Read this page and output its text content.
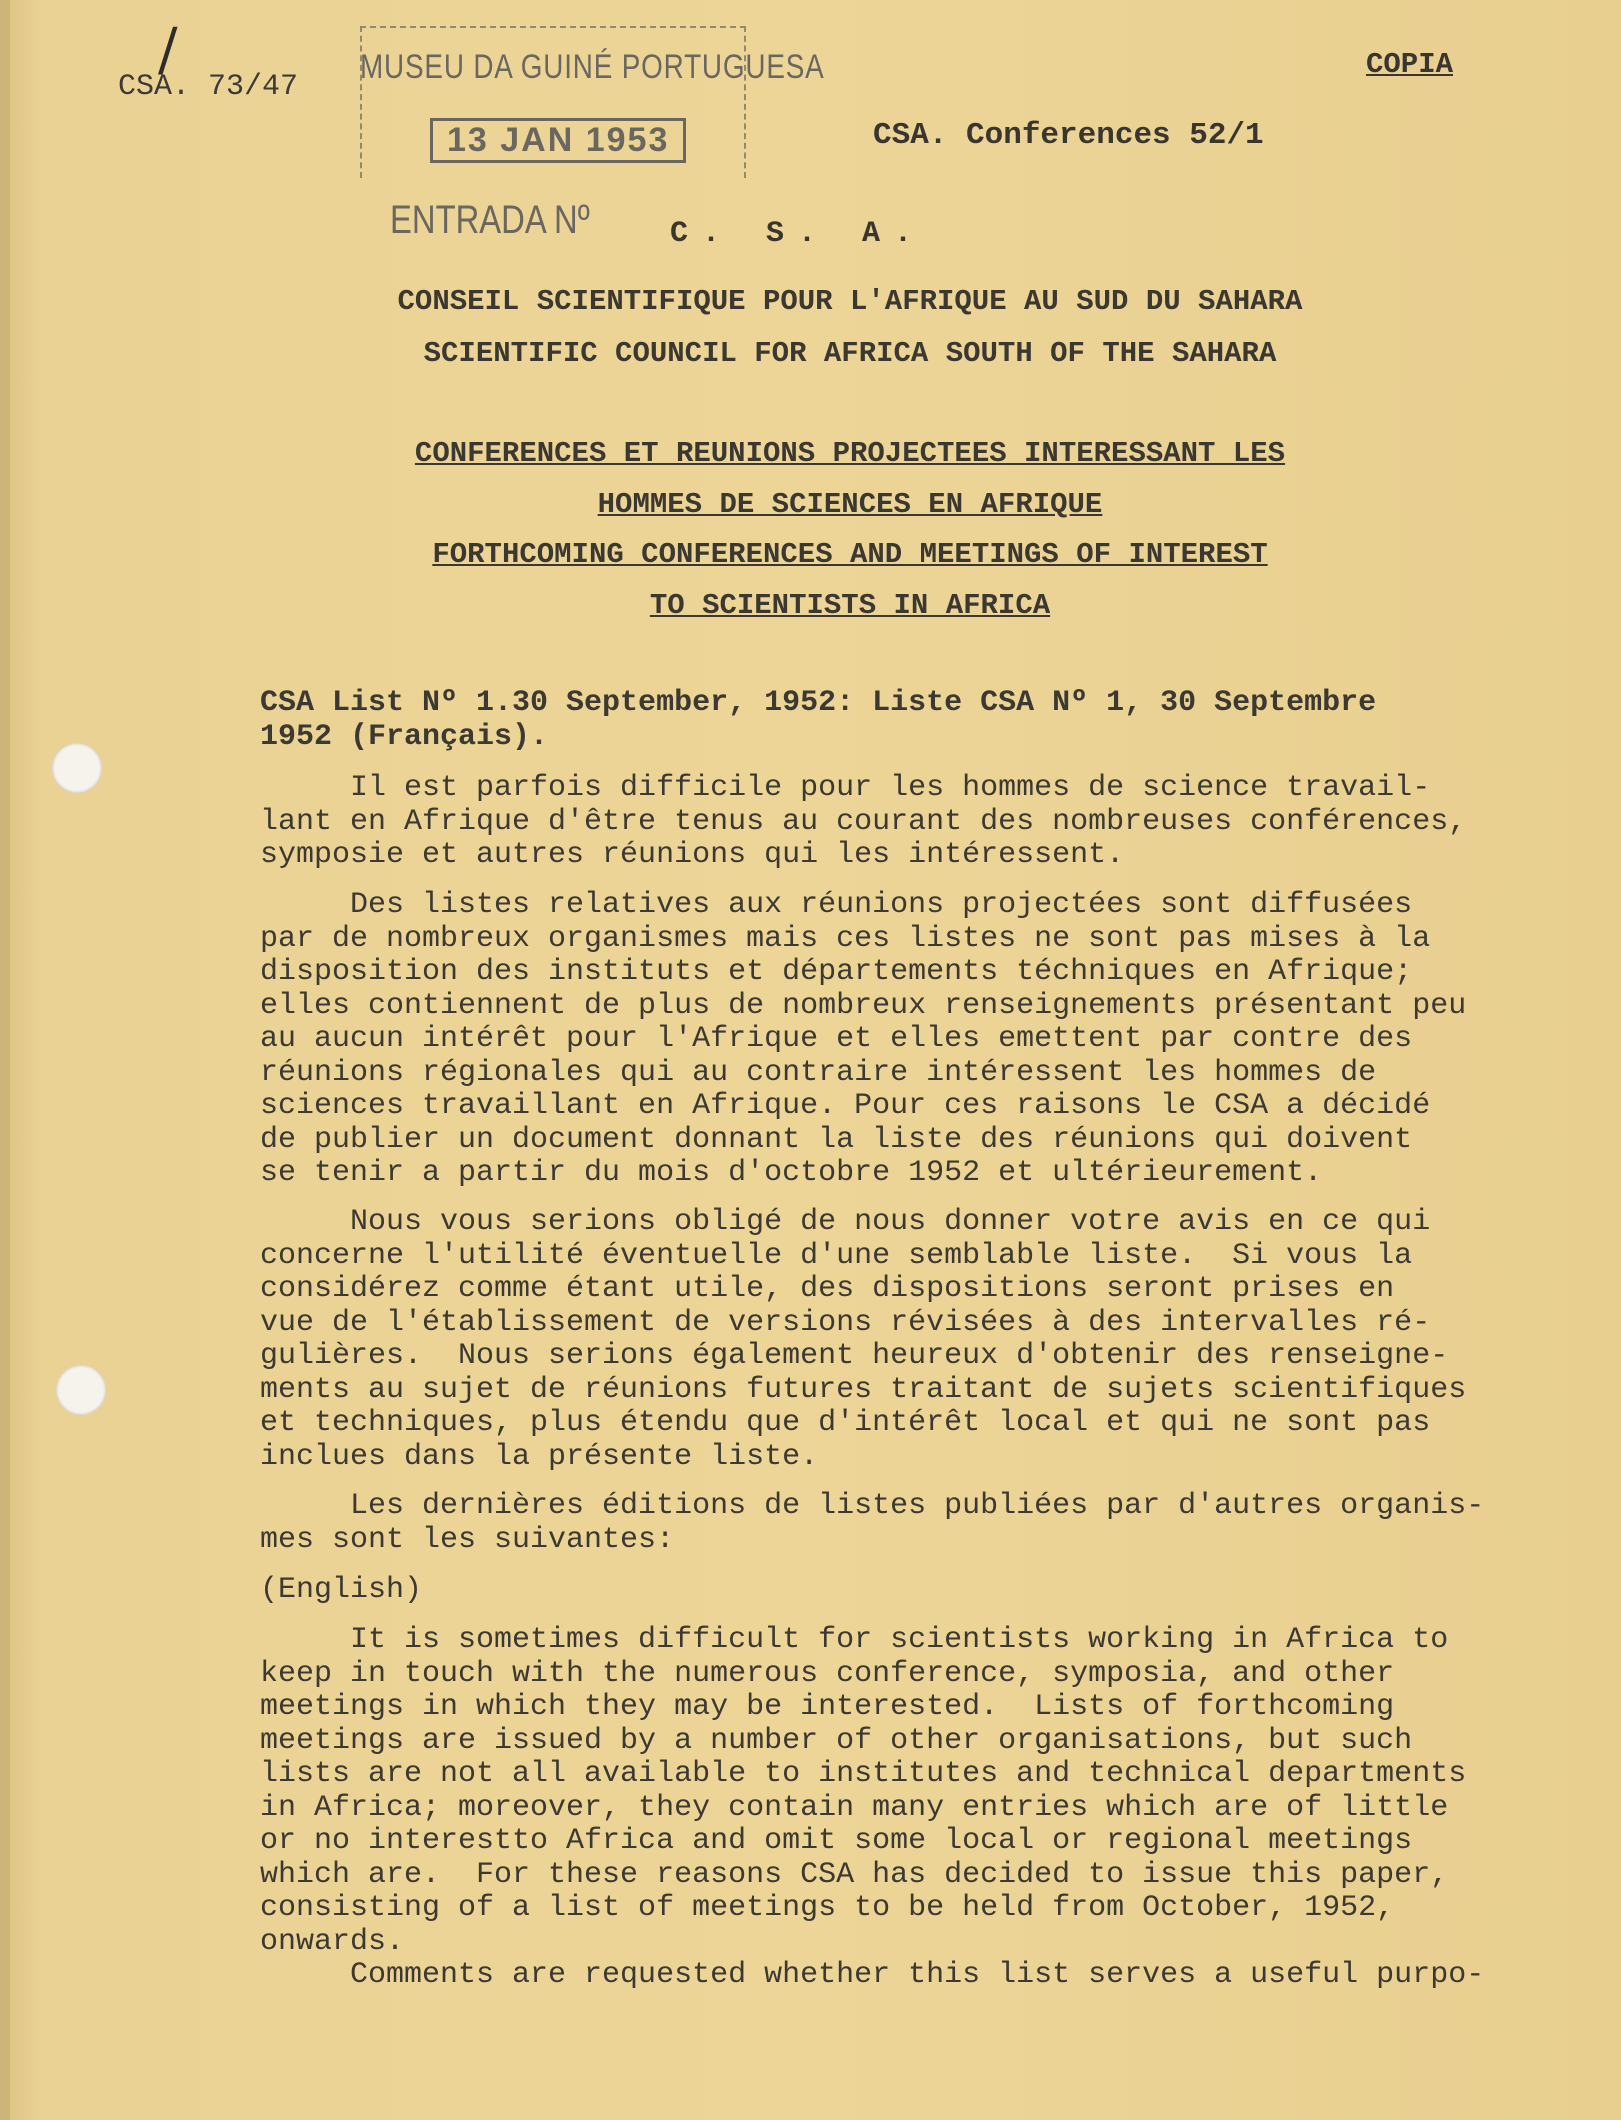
/
CSA. 73/47
MUSEU DA GUINÉ PORTUGUESA
13 JAN 1953
ENTRADA Nº
COPIA
CSA. Conferences 52/1
C. S. A.
CONSEIL SCIENTIFIQUE POUR L'AFRIQUE AU SUD DU SAHARA
SCIENTIFIC COUNCIL FOR AFRICA SOUTH OF THE SAHARA
CONFERENCES ET REUNIONS PROJECTEES INTERESSANT LES
HOMMES DE SCIENCES EN AFRIQUE
FORTHCOMING CONFERENCES AND MEETINGS OF INTEREST
TO SCIENTISTS IN AFRICA
CSA List Nº 1.30 September, 1952: Liste CSA Nº 1, 30 Septembre
1952 (Français).
Il est parfois difficile pour les hommes de science travail-
lant en Afrique d'être tenus au courant des nombreuses conférences,
symposie et autres réunions qui les intéressent.
Des listes relatives aux réunions projectées sont diffusées
par de nombreux organismes mais ces listes ne sont pas mises à la
disposition des instituts et départements téchniques en Afrique;
elles contiennent de plus de nombreux renseignements présentant peu
au aucun intérêt pour l'Afrique et elles emettent par contre des
réunions régionales qui au contraire intéressent les hommes de
sciences travaillant en Afrique. Pour ces raisons le CSA a décidé
de publier un document donnant la liste des réunions qui doivent
se tenir a partir du mois d'octobre 1952 et ultérieurement.
Nous vous serions obligé de nous donner votre avis en ce qui
concerne l'utilité éventuelle d'une semblable liste.  Si vous la
considérez comme étant utile, des dispositions seront prises en
vue de l'établissement de versions révisées à des intervalles ré-
gulières.  Nous serions également heureux d'obtenir des renseigne-
ments au sujet de réunions futures traitant de sujets scientifiques
et techniques, plus étendu que d'intérêt local et qui ne sont pas
inclues dans la présente liste.
Les dernières éditions de listes publiées par d'autres organis-
mes sont les suivantes:
(English)
It is sometimes difficult for scientists working in Africa to
keep in touch with the numerous conference, symposia, and other
meetings in which they may be interested.  Lists of forthcoming
meetings are issued by a number of other organisations, but such
lists are not all available to institutes and technical departments
in Africa; moreover, they contain many entries which are of little
or no interestto Africa and omit some local or regional meetings
which are.  For these reasons CSA has decided to issue this paper,
consisting of a list of meetings to be held from October, 1952,
onwards.
Comments are requested whether this list serves a useful purpo-
